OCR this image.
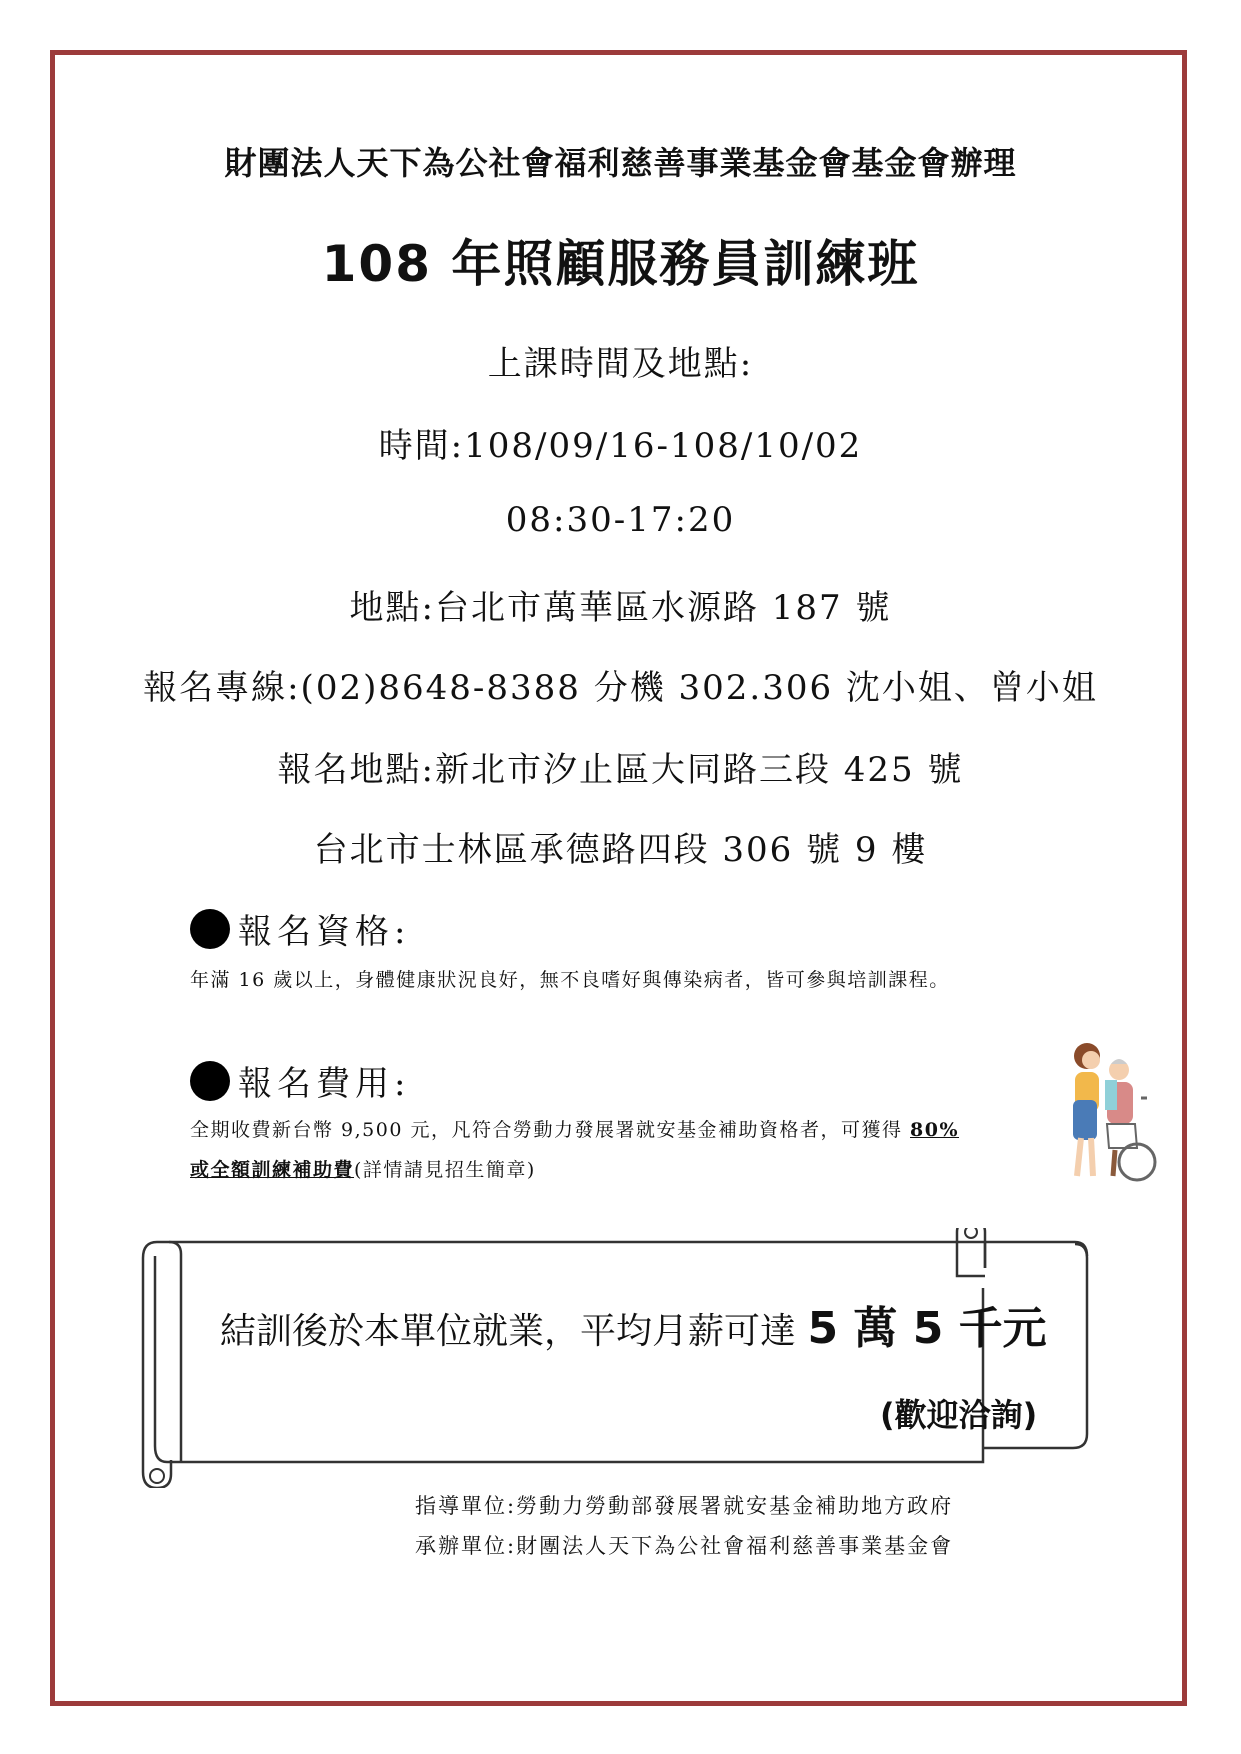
財團法人天下為公社會福利慈善事業基金會基金會辦理
108 年照顧服務員訓練班
上課時間及地點:
時間:108/09/16-108/10/02
08:30-17:20
地點:台北市萬華區水源路 187 號
報名專線:(02)8648-8388 分機 302.306 沈小姐、曾小姐
報名地點:新北市汐止區大同路三段 425 號
台北市士林區承德路四段 306 號 9 樓
報名資格:
年滿 16 歲以上，身體健康狀況良好，無不良嗜好與傳染病者，皆可參與培訓課程。
報名費用:
全期收費新台幣 9,500 元，凡符合勞動力發展署就安基金補助資格者，可獲得 80%
或全額訓練補助費(詳情請見招生簡章)
結訓後於本單位就業，平均月薪可達 5 萬 5 千元
(歡迎洽詢)
指導單位:勞動力勞動部發展署就安基金補助地方政府
承辦單位:財團法人天下為公社會福利慈善事業基金會
